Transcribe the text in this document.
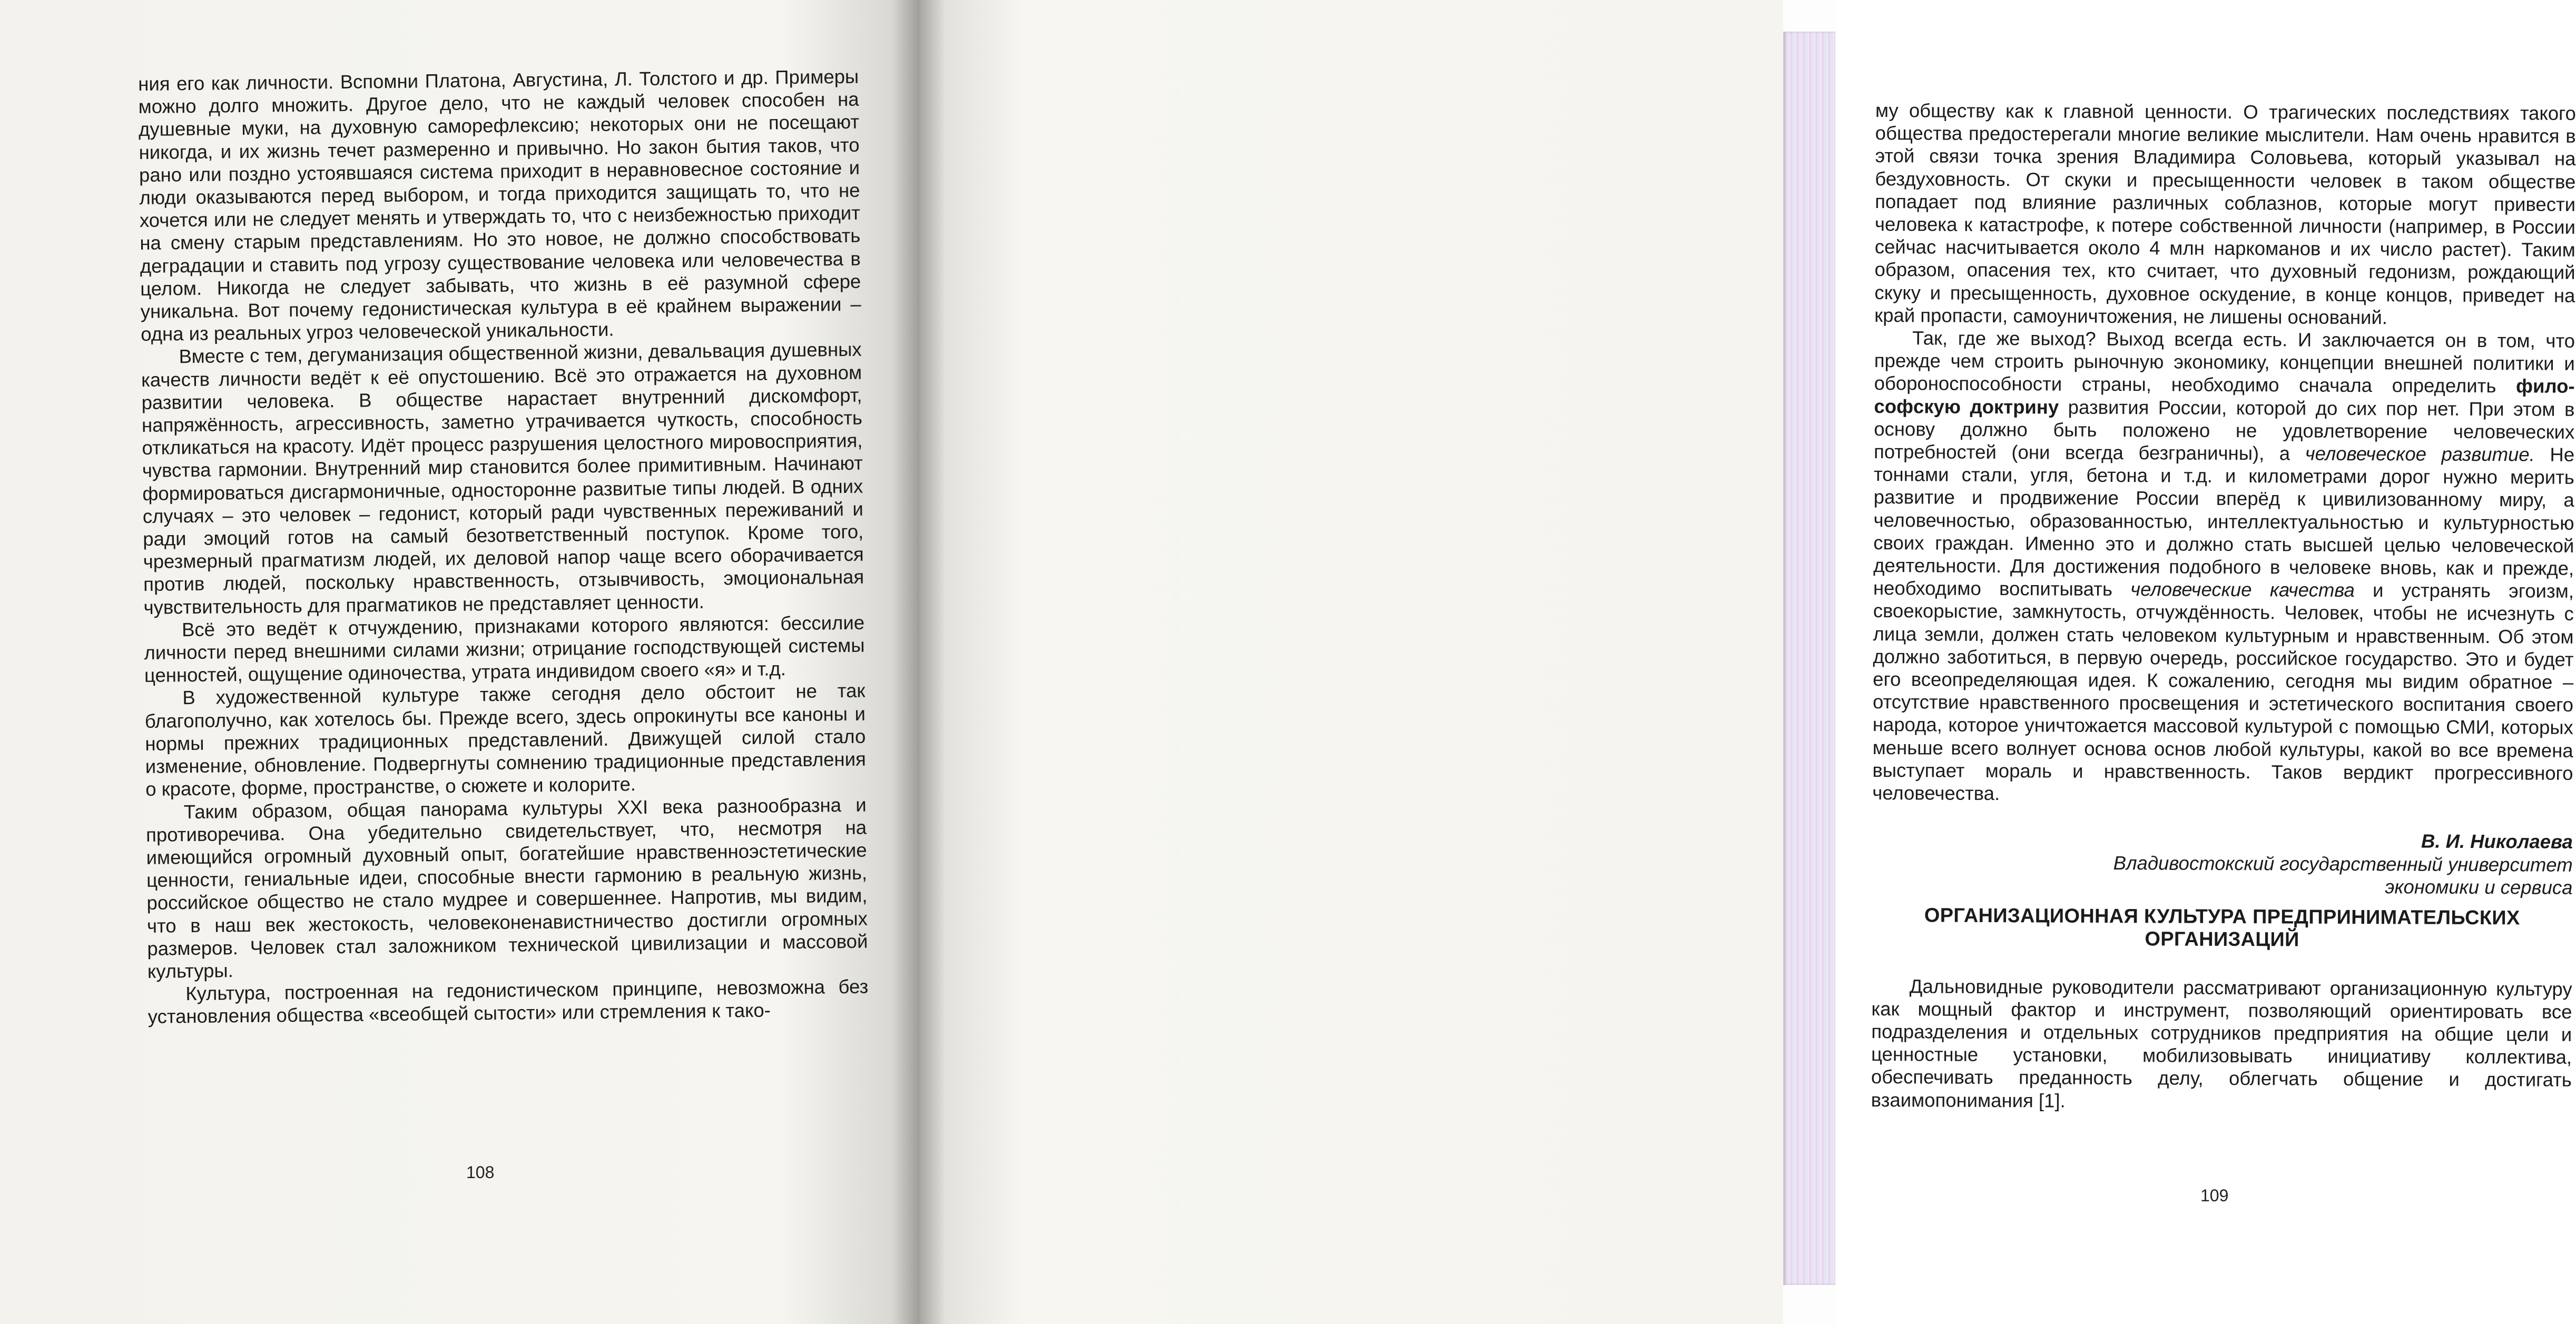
ния его как личности. Вспомни Платона, Августина, Л. Толстого и др. Примеры можно долго множить. Другое дело, что не каждый человек способен на душевные муки, на духовную саморефлексию; некоторых они не посещают никогда, и их жизнь течет размеренно и привычно. Но закон бытия таков, что рано или поздно устоявшаяся система приходит в неравновесное состояние и люди оказываются перед выбором, и тогда приходится защищать то, что не хочется или не следует менять и утверждать то, что с неизбежностью приходит на смену старым представлениям. Но это новое, не должно способствовать деградации и ставить под угрозу существование человека или человечества в целом. Никогда не следует забывать, что жизнь в её разумной сфере уникальна. Вот почему гедонистическая культура в её крайнем выражении – одна из реальных угроз человеческой уникальности.

Вместе с тем, дегуманизация общественной жизни, девальвация душевных качеств личности ведёт к её опустошению. Всё это отражается на духовном развитии человека. В обществе нарастает внутренний дискомфорт, напряжённость, агрессивность, заметно утрачивается чуткость, способность откликаться на красоту. Идёт процесс разрушения целостного мировосприятия, чувства гармонии. Внутренний мир становится более примитивным. Начинают формироваться дисгармоничные, односторонне развитые типы людей. В одних случаях – это человек – гедонист, который ради чувственных переживаний и ради эмоций готов на самый безответственный поступок. Кроме того, чрезмерный прагматизм людей, их деловой напор чаще всего оборачивается против людей, поскольку нравственность, отзывчивость, эмоциональная чувствительность для прагматиков не представляет ценности.

Всё это ведёт к отчуждению, признаками которого являются: бессилие личности перед внешними силами жизни; отрицание господствующей системы ценностей, ощущение одиночества, утрата индивидом своего «я» и т.д.

В художественной культуре также сегодня дело обстоит не так благополучно, как хотелось бы. Прежде всего, здесь опрокинуты все каноны и нормы прежних традиционных представлений. Движущей силой стало изменение, обновление. Подвергнуты сомнению традиционные представления о красоте, форме, пространстве, о сюжете и колорите.

Таким образом, общая панорама культуры XXI века разнообразна и противоречива. Она убедительно свидетельствует, что, несмотря на имеющийся огромный духовный опыт, богатейшие нравственноэстетические ценности, гениальные идеи, способные внести гармонию в реальную жизнь, российское общество не стало мудрее и совершеннее. Напротив, мы видим, что в наш век жестокость, человеконенавистничество достигли огромных размеров. Человек стал заложником технической цивилизации и массовой культуры.

Культура, построенная на гедонистическом принципе, невозможна без установления общества «всеобщей сытости» или стремления к тако-

108

му обществу как к главной ценности. О трагических последствиях такого общества предостерегали многие великие мыслители. Нам очень нравится в этой связи точка зрения Владимира Соловьева, который указывал на бездуховность. От скуки и пресыщенности человек в таком обществе попадает под влияние различных соблазнов, которые могут привести человека к катастрофе, к потере собственной личности (например, в России сейчас насчитывается около 4 млн наркоманов и их число растет). Таким образом, опасения тех, кто считает, что духовный гедонизм, рождающий скуку и пресыщенность, духовное оскудение, в конце концов, приведет на край пропасти, самоуничтожения, не лишены оснований.

Так, где же выход? Выход всегда есть. И заключается он в том, что прежде чем строить рыночную экономику, концепции внешней политики и обороноспособности страны, необходимо сначала определить фило- софскую доктрину развития России, которой до сих пор нет. При этом в основу должно быть положено не удовлетворение человеческих потребностей (они всегда безграничны), а человеческое развитие. Не тоннами стали, угля, бетона и т.д. и километрами дорог нужно мерить развитие и продвижение России вперёд к цивилизованному миру, а человечностью, образованностью, интеллектуальностью и культурностью своих граждан. Именно это и должно стать высшей целью человеческой деятельности. Для достижения подобного в человеке вновь, как и прежде, необходимо воспитывать человеческие качества и устранять эгоизм, своекорыстие, замкнутость, отчуждённость. Человек, чтобы не исчезнуть с лица земли, должен стать человеком культурным и нравственным. Об этом должно заботиться, в первую очередь, российское государство. Это и будет его всеопределяющая идея. К сожалению, сегодня мы видим обратное – отсутствие нравственного просвещения и эстетического воспитания своего народа, которое уничтожается массовой культурой с помощью СМИ, которых меньше всего волнует основа основ любой культуры, какой во все времена выступает мораль и нравственность. Таков вердикт прогрессивного человечества.

В. И. Николаева
Владивостокский государственный университет
экономики и сервиса
ОРГАНИЗАЦИОННАЯ КУЛЬТУРА ПРЕДПРИНИМАТЕЛЬСКИХ
ОРГАНИЗАЦИЙ

Дальновидные руководители рассматривают организационную культуру как мощный фактор и инструмент, позволяющий ориентировать все подразделения и отдельных сотрудников предприятия на общие цели и ценностные установки, мобилизовывать инициативу коллектива, обеспечивать преданность делу, облегчать общение и достигать взаимопонимания [1].

109
